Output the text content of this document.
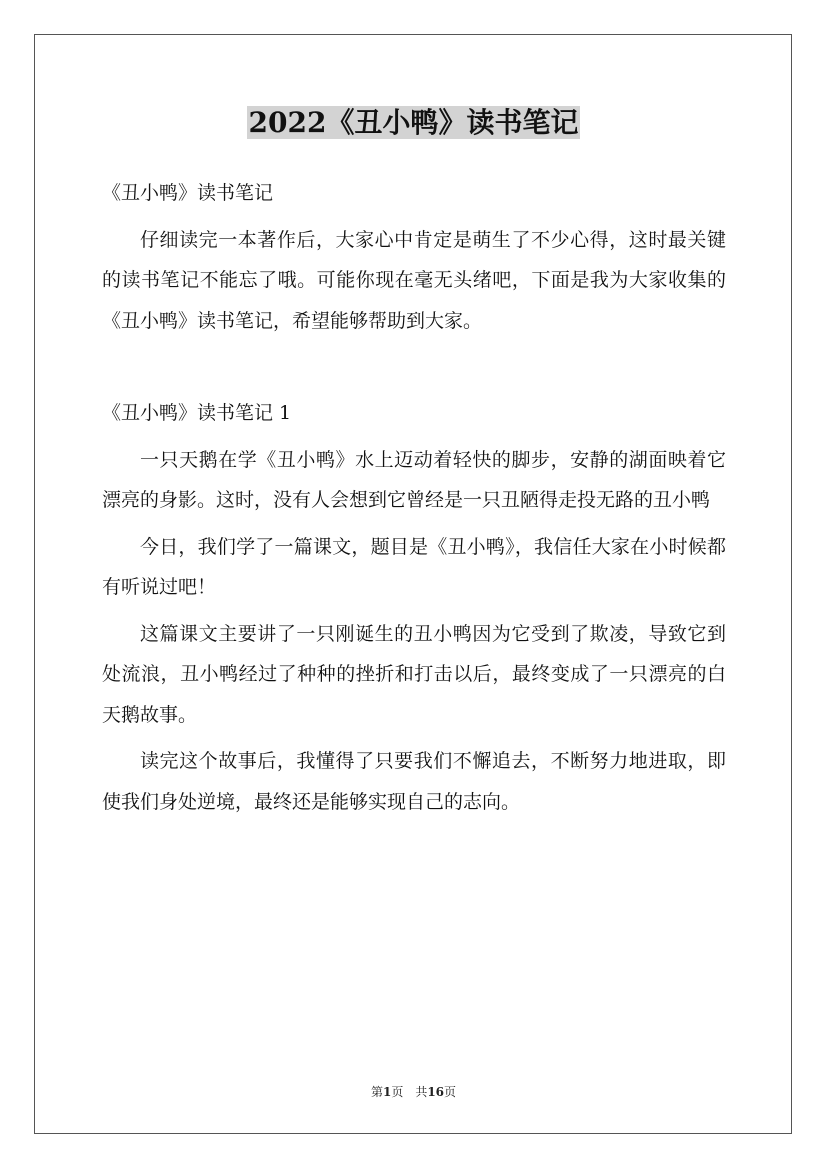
2022《丑小鸭》读书笔记

《丑小鸭》读书笔记

仔细读完一本著作后，大家心中肯定是萌生了不少心得，这时最关键的读书笔记不能忘了哦。可能你现在毫无头绪吧，下面是我为大家收集的《丑小鸭》读书笔记，希望能够帮助到大家。

《丑小鸭》读书笔记 1

一只天鹅在学《丑小鸭》水上迈动着轻快的脚步，安静的湖面映着它漂亮的身影。这时，没有人会想到它曾经是一只丑陋得走投无路的丑小鸭

今日，我们学了一篇课文，题目是《丑小鸭》，我信任大家在小时候都有听说过吧！

这篇课文主要讲了一只刚诞生的丑小鸭因为它受到了欺凌，导致它到处流浪，丑小鸭经过了种种的挫折和打击以后，最终变成了一只漂亮的白天鹅故事。

读完这个故事后，我懂得了只要我们不懈追去，不断努力地进取，即使我们身处逆境，最终还是能够实现自己的志向。

第1页　共16页
